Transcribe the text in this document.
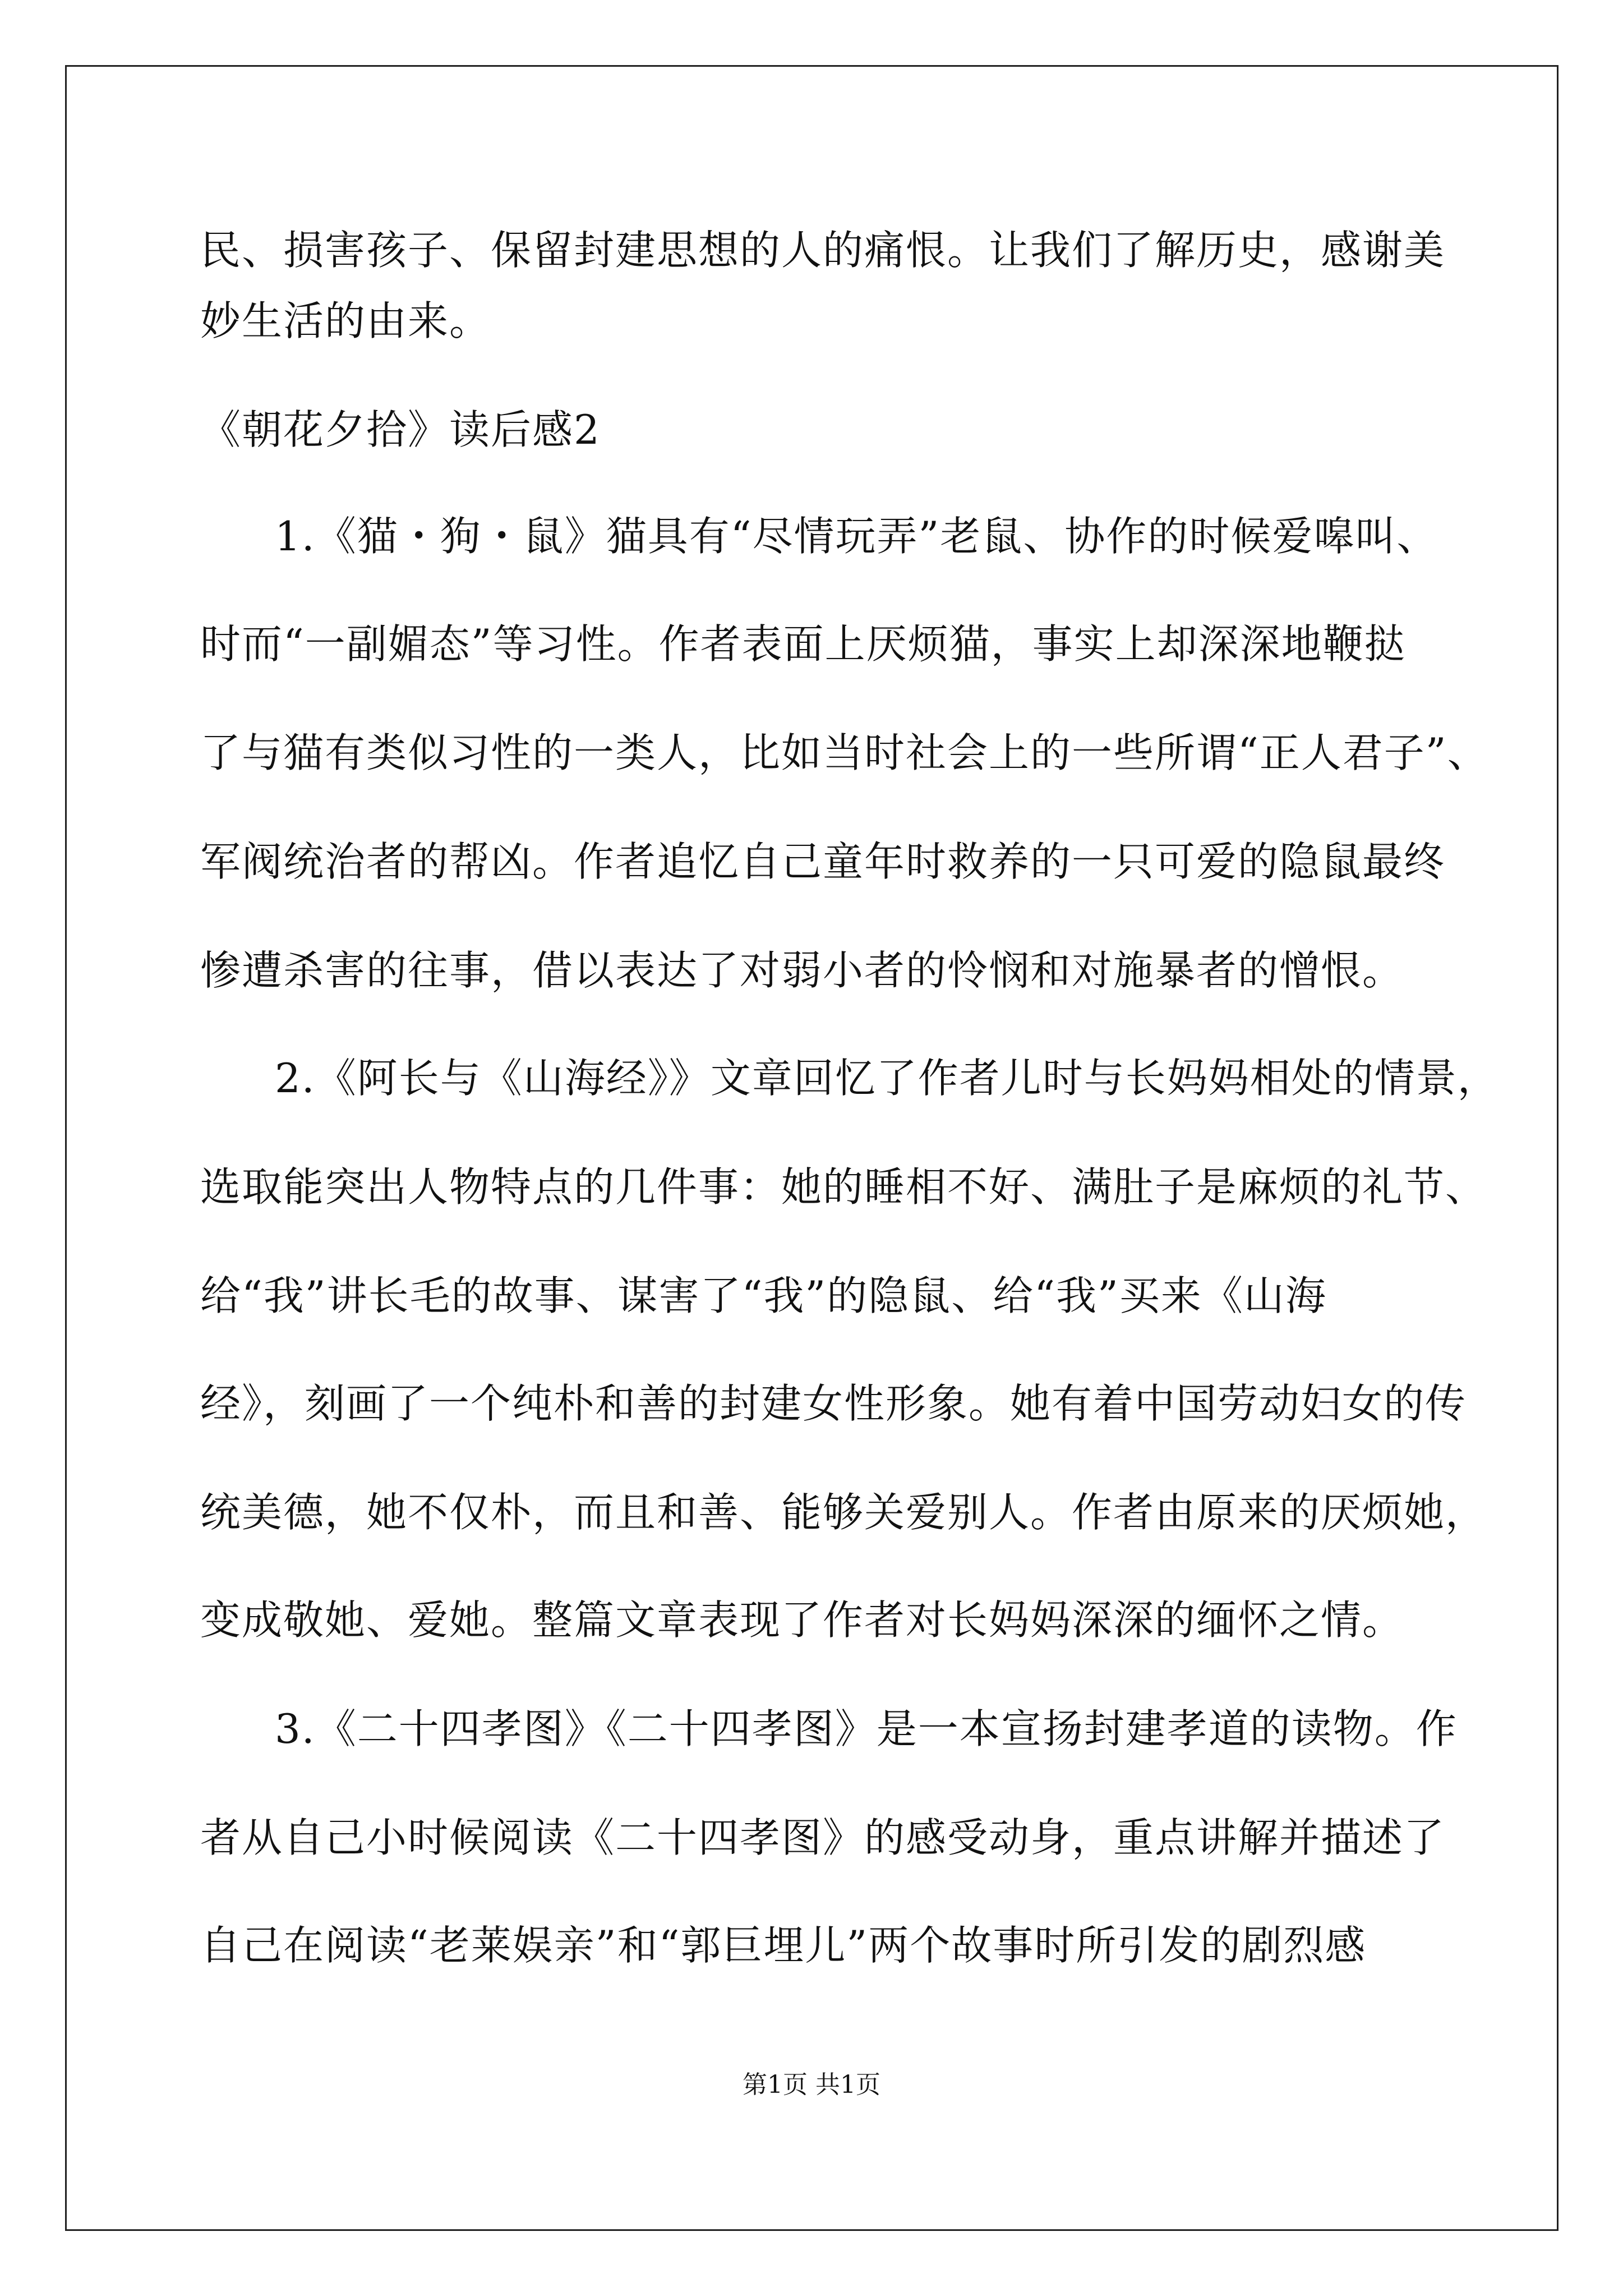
民、损害孩子、保留封建思想的人的痛恨。让我们了解历史，感谢美
妙生活的由来。
《朝花夕拾》读后感2
1.《猫・狗・鼠》猫具有“尽情玩弄”老鼠、协作的时候爱嗥叫、
时而“一副媚态”等习性。作者表面上厌烦猫，事实上却深深地鞭挞
了与猫有类似习性的一类人，比如当时社会上的一些所谓“正人君子”、
军阀统治者的帮凶。作者追忆自己童年时救养的一只可爱的隐鼠最终
惨遭杀害的往事，借以表达了对弱小者的怜悯和对施暴者的憎恨。
2.《阿长与《山海经》》文章回忆了作者儿时与长妈妈相处的情景，
选取能突出人物特点的几件事：她的睡相不好、满肚子是麻烦的礼节、
给“我”讲长毛的故事、谋害了“我”的隐鼠、给“我”买来《山海
经》，刻画了一个纯朴和善的封建女性形象。她有着中国劳动妇女的传
统美德，她不仅朴，而且和善、能够关爱别人。作者由原来的厌烦她，
变成敬她、爱她。整篇文章表现了作者对长妈妈深深的缅怀之情。
3.《二十四孝图》《二十四孝图》是一本宣扬封建孝道的读物。作
者从自己小时候阅读《二十四孝图》的感受动身，重点讲解并描述了
自己在阅读“老莱娱亲”和“郭巨埋儿”两个故事时所引发的剧烈感
第1页 共1页
